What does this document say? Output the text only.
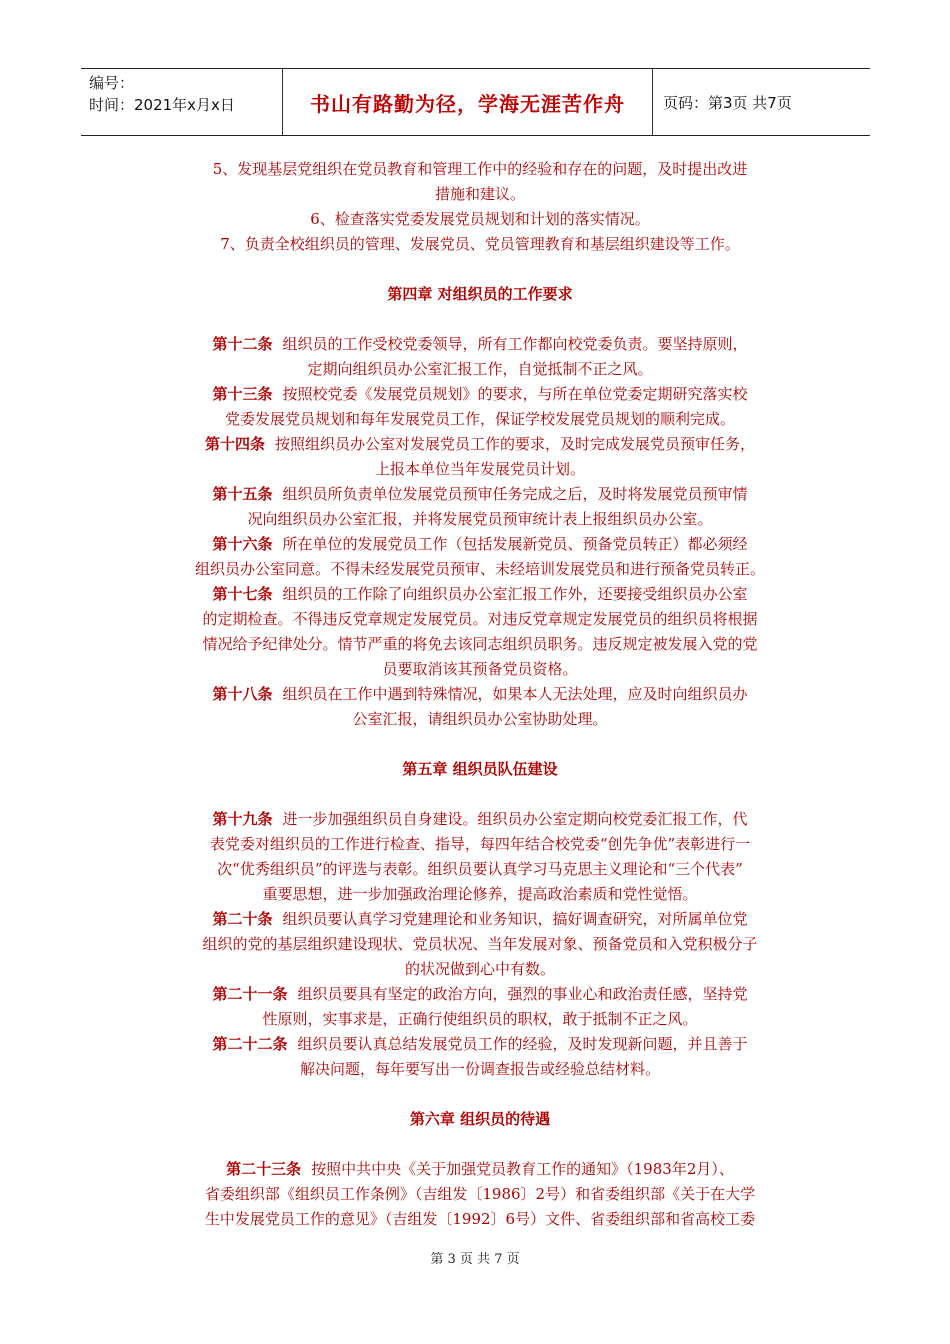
编号：
时间：2021年x月x日	书山有路勤为径，学海无涯苦作舟	页码：第3页 共7页

5、发现基层党组织在党员教育和管理工作中的经验和存在的问题，及时提出改进
措施和建议。

6、检查落实党委发展党员规划和计划的落实情况。

7、负责全校组织员的管理、发展党员、党员管理教育和基层组织建设等工作。

第四章 对组织员的工作要求

第十二条 组织员的工作受校党委领导，所有工作都向校党委负责。要坚持原则，
定期向组织员办公室汇报工作，自觉抵制不正之风。

第十三条 按照校党委《发展党员规划》的要求，与所在单位党委定期研究落实校
党委发展党员规划和每年发展党员工作，保证学校发展党员规划的顺利完成。

第十四条 按照组织员办公室对发展党员工作的要求，及时完成发展党员预审任务，
上报本单位当年发展党员计划。

第十五条 组织员所负责单位发展党员预审任务完成之后，及时将发展党员预审情
况向组织员办公室汇报，并将发展党员预审统计表上报组织员办公室。

第十六条 所在单位的发展党员工作（包括发展新党员、预备党员转正）都必须经
组织员办公室同意。不得未经发展党员预审、未经培训发展党员和进行预备党员转正。

第十七条 组织员的工作除了向组织员办公室汇报工作外，还要接受组织员办公室
的定期检查。不得违反党章规定发展党员。对违反党章规定发展党员的组织员将根据
情况给予纪律处分。情节严重的将免去该同志组织员职务。违反规定被发展入党的党
员要取消该其预备党员资格。

第十八条 组织员在工作中遇到特殊情况，如果本人无法处理，应及时向组织员办
公室汇报，请组织员办公室协助处理。

第五章 组织员队伍建设

第十九条 进一步加强组织员自身建设。组织员办公室定期向校党委汇报工作，代
表党委对组织员的工作进行检查、指导，每四年结合校党委“创先争优”表彰进行一
次“优秀组织员”的评选与表彰。组织员要认真学习马克思主义理论和“三个代表”
重要思想，进一步加强政治理论修养，提高政治素质和党性觉悟。

第二十条 组织员要认真学习党建理论和业务知识，搞好调查研究，对所属单位党
组织的党的基层组织建设现状、党员状况、当年发展对象、预备党员和入党积极分子
的状况做到心中有数。

第二十一条 组织员要具有坚定的政治方向，强烈的事业心和政治责任感，坚持党
性原则，实事求是，正确行使组织员的职权，敢于抵制不正之风。

第二十二条 组织员要认真总结发展党员工作的经验，及时发现新问题，并且善于
解决问题，每年要写出一份调查报告或经验总结材料。

第六章 组织员的待遇

第二十三条 按照中共中央《关于加强党员教育工作的通知》（1983年2月）、
省委组织部《组织员工作条例》（吉组发〔1986〕2号）和省委组织部《关于在大学
生中发展党员工作的意见》（吉组发〔1992〕6号）文件、省委组织部和省高校工委

第 3 页 共 7 页
